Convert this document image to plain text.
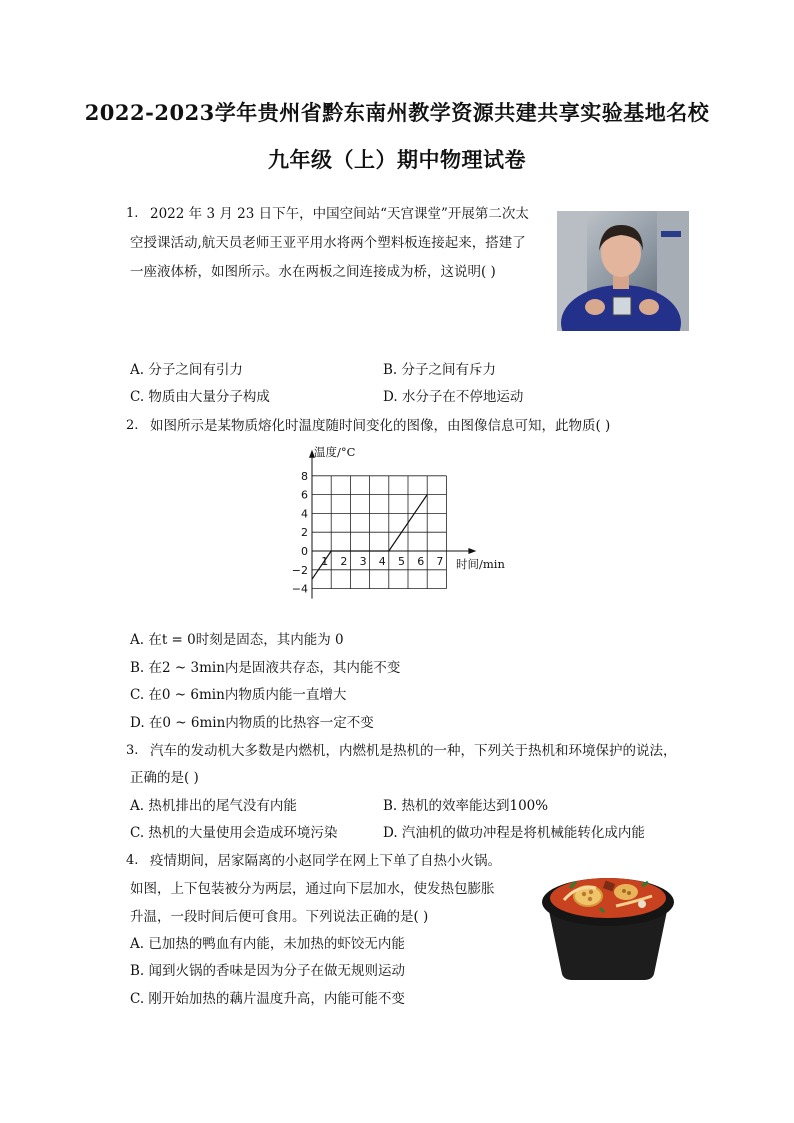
2022-2023学年贵州省黔东南州教学资源共建共享实验基地名校
九年级（上）期中物理试卷
1. 2022 年 3 月 23 日下午，中国空间站“天宫课堂”开展第二次太
空授课活动,航天员老师王亚平用水将两个塑料板连接起来，搭建了
一座液体桥，如图所示。水在两板之间连接成为桥，这说明( )
A. 分子之间有引力	B. 分子之间有斥力
C. 物质由大量分子构成	D. 水分子在不停地运动
2. 如图所示是某物质熔化时温度随时间变化的图像，由图像信息可知，此物质( )
8
6
4
2
0
−2
−4
1 2 3 4 5 6 7
温度/°C
时间/min
A. 在t = 0时刻是固态，其内能为 0
B. 在2 ~ 3min内是固液共存态，其内能不变
C. 在0 ~ 6min内物质内能一直增大
D. 在0 ~ 6min内物质的比热容一定不变
3. 汽车的发动机大多数是内燃机，内燃机是热机的一种，下列关于热机和环境保护的说法，
正确的是( )
A. 热机排出的尾气没有内能	B. 热机的效率能达到100%
C. 热机的大量使用会造成环境污染	D. 汽油机的做功冲程是将机械能转化成内能
4. 疫情期间，居家隔离的小赵同学在网上下单了自热小火锅。
如图，上下包装被分为两层，通过向下层加水，使发热包膨胀
升温，一段时间后便可食用。下列说法正确的是( )
A. 已加热的鸭血有内能，未加热的虾饺无内能
B. 闻到火锅的香味是因为分子在做无规则运动
C. 刚开始加热的藕片温度升高，内能可能不变
